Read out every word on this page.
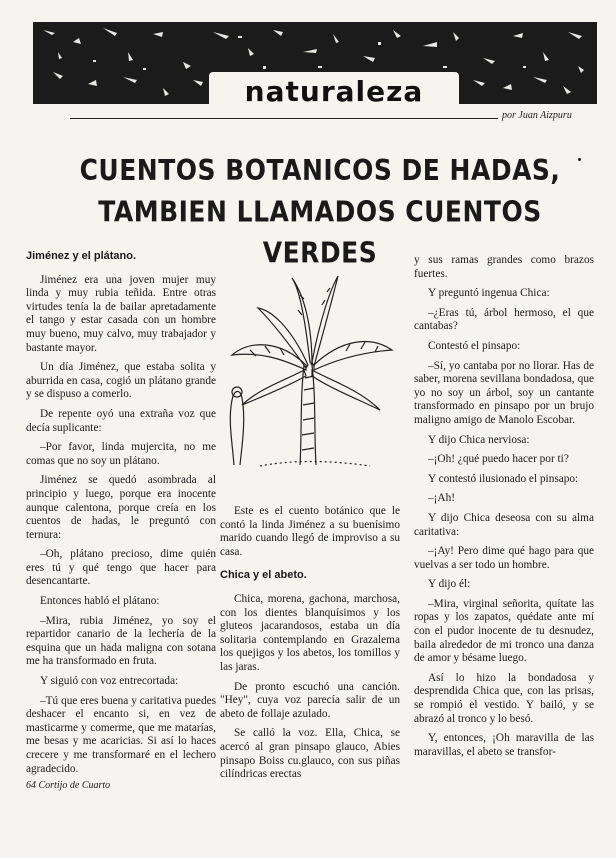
naturaleza
por Juan Aizpuru
CUENTOS BOTANICOS DE HADAS,
TAMBIEN LLAMADOS CUENTOS VERDES

Jiménez y el plátano.

Jiménez era una joven mujer muy linda y muy rubia teñida. Entre otras virtudes tenía la de bailar apretadamente el tango y estar casada con un hombre muy bueno, muy calvo, muy trabajador y bastante mayor.

Un día Jiménez, que estaba solita y aburrida en casa, cogió un plátano grande y se dispuso a comerlo.

De repente oyó una extraña voz que decía suplicante:

–Por favor, linda mujercita, no me comas que no soy un plátano.

Jiménez se quedó asombrada al principio y luego, porque era inocente aunque calentona, porque creía en los cuentos de hadas, le preguntó con ternura:

–Oh, plátano precioso, dime quién eres tú y qué tengo que hacer para desencantarte.

Entonces habló el plátano:

–Mira, rubia Jiménez, yo soy el repartidor canario de la lechería de la esquina que un hada maligna con sotana me ha transformado en fruta.

Y siguió con voz entrecortada:

–Tú que eres buena y caritativa puedes deshacer el encanto si, en vez de masticarme y comerme, que me matarías, me besas y me acaricias. Si así lo haces crecere y me transformaré en el lechero agradecido.

Este es el cuento botánico que le contó la linda Jiménez a su buenísimo marido cuando llegó de improviso a su casa.

Chica y el abeto.

Chica, morena, gachona, marchosa, con los dientes blanquísimos y los gluteos jacarandosos, estaba un día solitaria contemplando en Grazalema los quejigos y los abetos, los tomillos y las jaras.

De pronto escuchó una canción. "Hey", cuya voz parecía salir de un abeto de follaje azulado.

Se calló la voz. Ella, Chica, se acercó al gran pinsapo glauco, Abies pinsapo Boiss cu.glauco, con sus piñas cilíndricas erectas

y sus ramas grandes como brazos fuertes.

Y preguntó ingenua Chica:

–¿Eras tú, árbol hermoso, el que cantabas?

Contestó el pinsapo:

–Sí, yo cantaba por no llorar. Has de saber, morena sevillana bondadosa, que yo no soy un árbol, soy un cantante transformado en pinsapo por un brujo maligno amigo de Manolo Escobar.

Y dijo Chica nerviosa:

–¡Oh! ¿qué puedo hacer por ti?

Y contestó ilusionado el pinsapo:

–¡Ah!

Y dijo Chica deseosa con su alma caritativa:

–¡Ay! Pero dime qué hago para que vuelvas a ser todo un hombre.

Y dijo él:

–Mira, virginal señorita, quítate las ropas y los zapatos, quédate ante mí con el pudor inocente de tu desnudez, baila alrededor de mi tronco una danza de amor y bésame luego.

Así lo hizo la bondadosa y desprendida Chica que, con las prisas, se rompió el vestido. Y bailó, y se abrazó al tronco y lo besó.

Y, entonces, ¡Oh maravilla de las maravillas, el abeto se transfor-

64 Cortijo de Cuarto
